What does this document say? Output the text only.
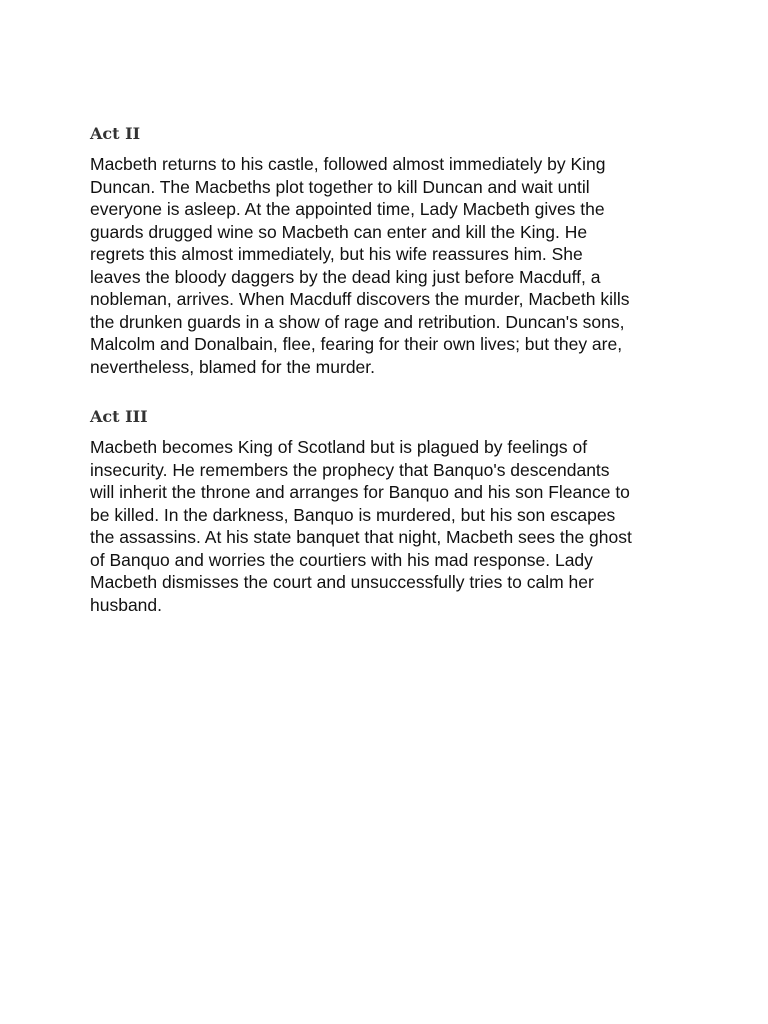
Act II
Macbeth returns to his castle, followed almost immediately by King
Duncan. The Macbeths plot together to kill Duncan and wait until
everyone is asleep. At the appointed time, Lady Macbeth gives the
guards drugged wine so Macbeth can enter and kill the King. He
regrets this almost immediately, but his wife reassures him. She
leaves the bloody daggers by the dead king just before Macduff, a
nobleman, arrives. When Macduff discovers the murder, Macbeth kills
the drunken guards in a show of rage and retribution. Duncan's sons,
Malcolm and Donalbain, flee, fearing for their own lives; but they are,
nevertheless, blamed for the murder.
Act III
Macbeth becomes King of Scotland but is plagued by feelings of
insecurity. He remembers the prophecy that Banquo's descendants
will inherit the throne and arranges for Banquo and his son Fleance to
be killed. In the darkness, Banquo is murdered, but his son escapes
the assassins. At his state banquet that night, Macbeth sees the ghost
of Banquo and worries the courtiers with his mad response. Lady
Macbeth dismisses the court and unsuccessfully tries to calm her
husband.
